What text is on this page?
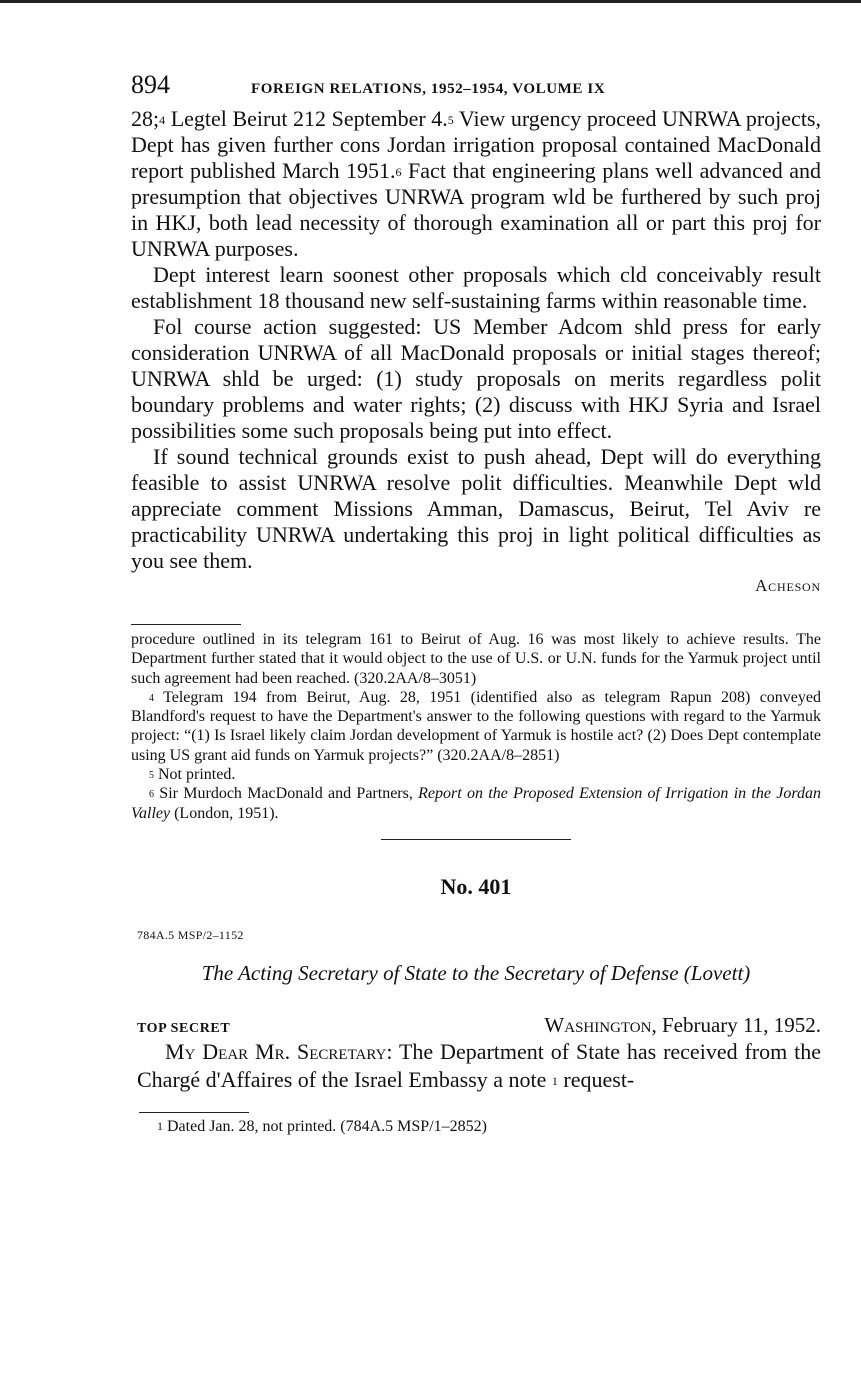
894	FOREIGN RELATIONS, 1952–1954, VOLUME IX

28;$^4$ Legtel Beirut 212 September 4.$^5$ View urgency proceed UNRWA projects, Dept has given further cons Jordan irrigation proposal contained MacDonald report published March 1951.$^6$ Fact that engineering plans well advanced and presumption that objectives UNRWA program wld be furthered by such proj in HKJ, both lead necessity of thorough examination all or part this proj for UNRWA purposes.

Dept interest learn soonest other proposals which cld conceivably result establishment 18 thousand new self-sustaining farms within reasonable time.

Fol course action suggested: US Member Adcom shld press for early consideration UNRWA of all MacDonald proposals or initial stages thereof; UNRWA shld be urged: (1) study proposals on merits regardless polit boundary problems and water rights; (2) discuss with HKJ Syria and Israel possibilities some such proposals being put into effect.

If sound technical grounds exist to push ahead, Dept will do everything feasible to assist UNRWA resolve polit difficulties. Meanwhile Dept wld appreciate comment Missions Amman, Damascus, Beirut, Tel Aviv re practicability UNRWA undertaking this proj in light political difficulties as you see them.

Acheson

procedure outlined in its telegram 161 to Beirut of Aug. 16 was most likely to achieve results. The Department further stated that it would object to the use of U.S. or U.N. funds for the Yarmuk project until such agreement had been reached. (320.2AA/8–3051)

$^4$ Telegram 194 from Beirut, Aug. 28, 1951 (identified also as telegram Rapun 208) conveyed Blandford's request to have the Department's answer to the following questions with regard to the Yarmuk project: “(1) Is Israel likely claim Jordan development of Yarmuk is hostile act? (2) Does Dept contemplate using US grant aid funds on Yarmuk projects?” (320.2AA/8–2851)

$^5$ Not printed.

$^6$ Sir Murdoch MacDonald and Partners, Report on the Proposed Extension of Irrigation in the Jordan Valley (London, 1951).

No. 401
784A.5 MSP/2–1152
The Acting Secretary of State to the Secretary of Defense (Lovett)
TOP SECRET	Washington, February 11, 1952.

My Dear Mr. Secretary: The Department of State has received from the Chargé d'Affaires of the Israel Embassy a note $^1$ request-

$^1$ Dated Jan. 28, not printed. (784A.5 MSP/1–2852)
